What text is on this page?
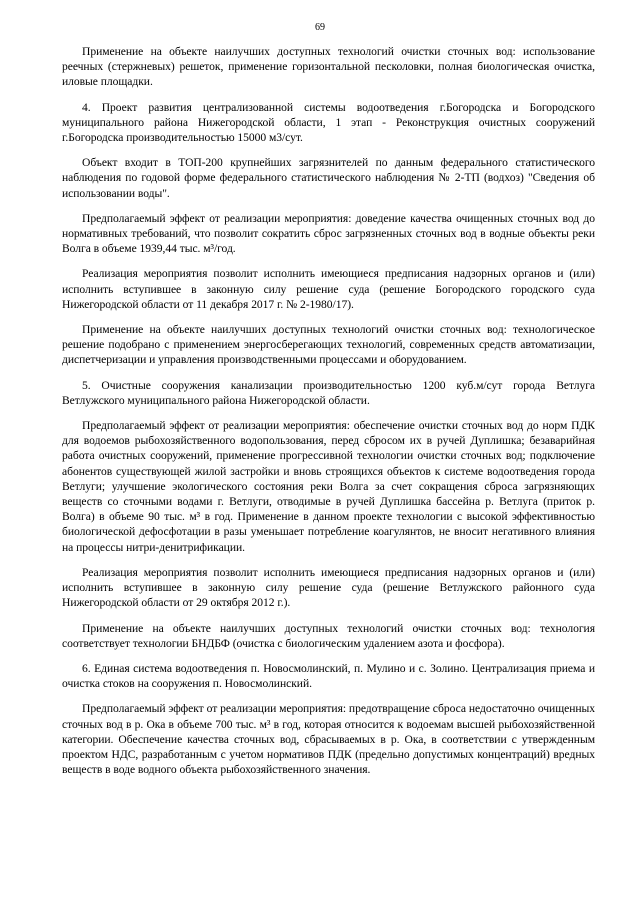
69

Применение на объекте наилучших доступных технологий очистки сточных вод: использование реечных (стержневых) решеток, применение горизонтальной песколовки, полная биологическая очистка, иловые площадки.

4. Проект развития централизованной системы водоотведения г.Богородска и Богородского муниципального района Нижегородской области, 1 этап - Реконструкция очистных сооружений г.Богородска производительностью 15000 м3/сут.

Объект входит в ТОП-200 крупнейших загрязнителей по данным федерального статистического наблюдения по годовой форме федерального статистического наблюдения № 2-ТП (водхоз) "Сведения об использовании воды".

Предполагаемый эффект от реализации мероприятия: доведение качества очищенных сточных вод до нормативных требований, что позволит сократить сброс загрязненных сточных вод в водные объекты реки Волга в объеме 1939,44 тыс. м³/год.

Реализация мероприятия позволит исполнить имеющиеся предписания надзорных органов и (или) исполнить вступившее в законную силу решение суда (решение Богородского городского суда Нижегородской области от 11 декабря 2017 г. № 2-1980/17).

Применение на объекте наилучших доступных технологий очистки сточных вод: технологическое решение подобрано с применением энергосберегающих технологий, современных средств автоматизации, диспетчеризации и управления производственными процессами и оборудованием.

5. Очистные сооружения канализации производительностью 1200 куб.м/сут города Ветлуга Ветлужского муниципального района Нижегородской области.

Предполагаемый эффект от реализации мероприятия: обеспечение очистки сточных вод до норм ПДК для водоемов рыбохозяйственного водопользования, перед сбросом их в ручей Дуплишка; безаварийная работа очистных сооружений, применение прогрессивной технологии очистки сточных вод; подключение абонентов существующей жилой застройки и вновь строящихся объектов к системе водоотведения города Ветлуги; улучшение экологического состояния реки Волга за счет сокращения сброса загрязняющих веществ со сточными водами г. Ветлуги, отводимые в ручей Дуплишка бассейна р. Ветлуга (приток р. Волга) в объеме 90 тыс. м³ в год. Применение в данном проекте технологии с высокой эффективностью биологической дефосфотации в разы уменьшает потребление коагулянтов, не вносит негативного влияния на процессы нитри-денитрификации.

Реализация мероприятия позволит исполнить имеющиеся предписания надзорных органов и (или) исполнить вступившее в законную силу решение суда (решение Ветлужского районного суда Нижегородской области от 29 октября 2012 г.).

Применение на объекте наилучших доступных технологий очистки сточных вод: технология соответствует технологии БНДБФ (очистка с биологическим удалением азота и фосфора).

6. Единая система водоотведения п. Новосмолинский, п. Мулино и с. Золино. Централизация приема и очистка стоков на сооружения п. Новосмолинский.

Предполагаемый эффект от реализации мероприятия: предотвращение сброса недостаточно очищенных сточных вод в р. Ока в объеме 700 тыс. м³ в год, которая относится к водоемам высшей рыбохозяйственной категории. Обеспечение качества сточных вод, сбрасываемых в р. Ока, в соответствии с утвержденным проектом НДС, разработанным с учетом нормативов ПДК (предельно допустимых концентраций) вредных веществ в воде водного объекта рыбохозяйственного значения.
